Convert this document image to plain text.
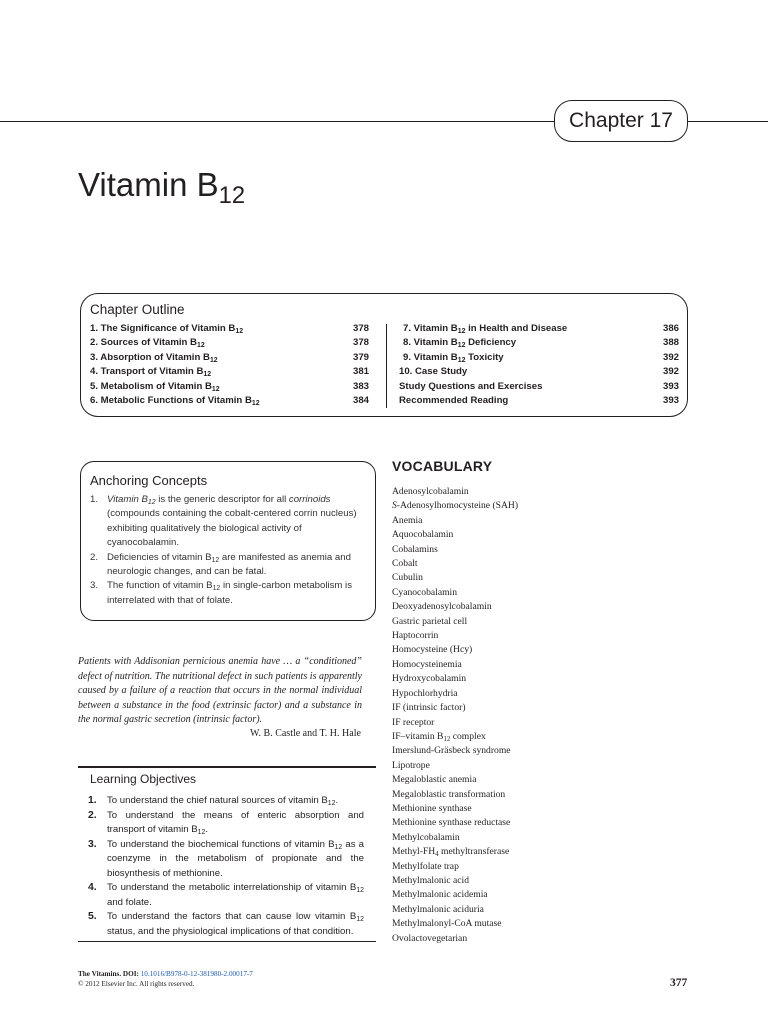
Chapter 17
Vitamin $B_{12}$
Chapter Outline
1. The Significance of Vitamin $B_{12}$	378
2. Sources of Vitamin $B_{12}$	378
3. Absorption of Vitamin $B_{12}$	379
4. Transport of Vitamin $B_{12}$	381
5. Metabolism of Vitamin $B_{12}$	383
6. Metabolic Functions of Vitamin $B_{12}$	384
7. Vitamin $B_{12}$ in Health and Disease	386
8. Vitamin $B_{12}$ Deficiency	388
9. Vitamin $B_{12}$ Toxicity	392
10. Case Study	392
Study Questions and Exercises	393
Recommended Reading	393
Anchoring Concepts
1. Vitamin $B_{12}$ is the generic descriptor for all corrinoids (compounds containing the cobalt-centered corrin nucleus) exhibiting qualitatively the biological activity of cyanocobalamin.
2. Deficiencies of vitamin $B_{12}$ are manifested as anemia and neurologic changes, and can be fatal.
3. The function of vitamin $B_{12}$ in single-carbon metabolism is interrelated with that of folate.
Patients with Addisonian pernicious anemia have … a “conditioned” defect of nutrition. The nutritional defect in such patients is apparently caused by a failure of a reaction that occurs in the normal individual between a substance in the food (extrinsic factor) and a substance in the normal gastric secretion (intrinsic factor).
W. B. Castle and T. H. Hale
Learning Objectives
1.	To understand the chief natural sources of vitamin $B_{12}$.
2.	To understand the means of enteric absorption and transport of vitamin $B_{12}$.
3.	To understand the biochemical functions of vitamin $B_{12}$ as a coenzyme in the metabolism of propionate and the biosynthesis of methionine.
4.	To understand the metabolic interrelationship of vitamin $B_{12}$ and folate.
5.	To understand the factors that can cause low vitamin $B_{12}$ status, and the physiological implications of that condition.
VOCABULARY
Adenosylcobalamin
S-Adenosylhomocysteine (SAH)
Anemia
Aquocobalamin
Cobalamins
Cobalt
Cubulin
Cyanocobalamin
Deoxyadenosylcobalamin
Gastric parietal cell
Haptocorrin
Homocysteine (Hcy)
Homocysteinemia
Hydroxycobalamin
Hypochlorhydria
IF (intrinsic factor)
IF receptor
IF–vitamin $B_{12}$ complex
Imerslund-Gräsbeck syndrome
Lipotrope
Megaloblastic anemia
Megaloblastic transformation
Methionine synthase
Methionine synthase reductase
Methylcobalamin
Methyl-$FH_4$ methyltransferase
Methylfolate trap
Methylmalonic acid
Methylmalonic acidemia
Methylmalonic aciduria
Methylmalonyl-CoA mutase
Ovolactovegetarian
The Vitamins. DOI: 10.1016/B978-0-12-381980-2.00017-7
© 2012 Elsevier Inc. All rights reserved.	377
